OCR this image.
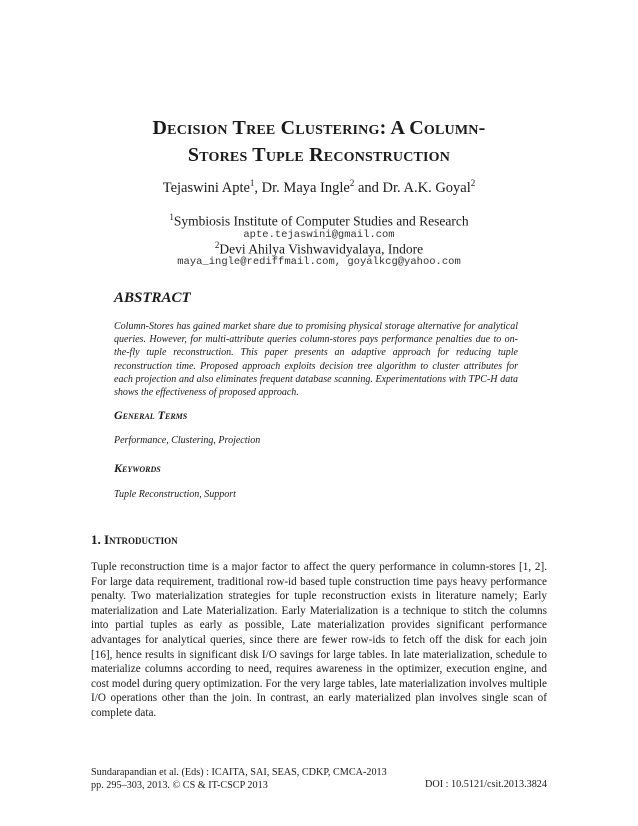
Decision Tree Clustering: A Column-
Stores Tuple Reconstruction
Tejaswini Apte$^1$, Dr. Maya Ingle$^2$ and Dr. A.K. Goyal$^2$
$^1$Symbiosis Institute of Computer Studies and Research
apte.tejaswini@gmail.com
$^2$Devi Ahilya Vishwavidyalaya, Indore
maya_ingle@rediffmail.com, goyalkcg@yahoo.com
ABSTRACT
Column-Stores has gained market share due to promising physical storage alternative for analytical queries. However, for multi-attribute queries column-stores pays performance penalties due to on-the-fly tuple reconstruction. This paper presents an adaptive approach for reducing tuple reconstruction time. Proposed approach exploits decision tree algorithm to cluster attributes for each projection and also eliminates frequent database scanning. Experimentations with TPC-H data shows the effectiveness of proposed approach.
General Terms
Performance, Clustering, Projection
Keywords
Tuple Reconstruction, Support
1. Introduction
Tuple reconstruction time is a major factor to affect the query performance in column-stores [1, 2]. For large data requirement, traditional row-id based tuple construction time pays heavy performance penalty. Two materialization strategies for tuple reconstruction exists in literature namely; Early materialization and Late Materialization. Early Materialization is a technique to stitch the columns into partial tuples as early as possible, Late materialization provides significant performance advantages for analytical queries, since there are fewer row-ids to fetch off the disk for each join [16], hence results in significant disk I/O savings for large tables. In late materialization, schedule to materialize columns according to need, requires awareness in the optimizer, execution engine, and cost model during query optimization. For the very large tables, late materialization involves multiple I/O operations other than the join. In contrast, an early materialized plan involves single scan of complete data.
Sundarapandian et al. (Eds) : ICAITA, SAI, SEAS, CDKP, CMCA-2013
pp. 295–303, 2013. © CS & IT-CSCP 2013	DOI : 10.5121/csit.2013.3824
